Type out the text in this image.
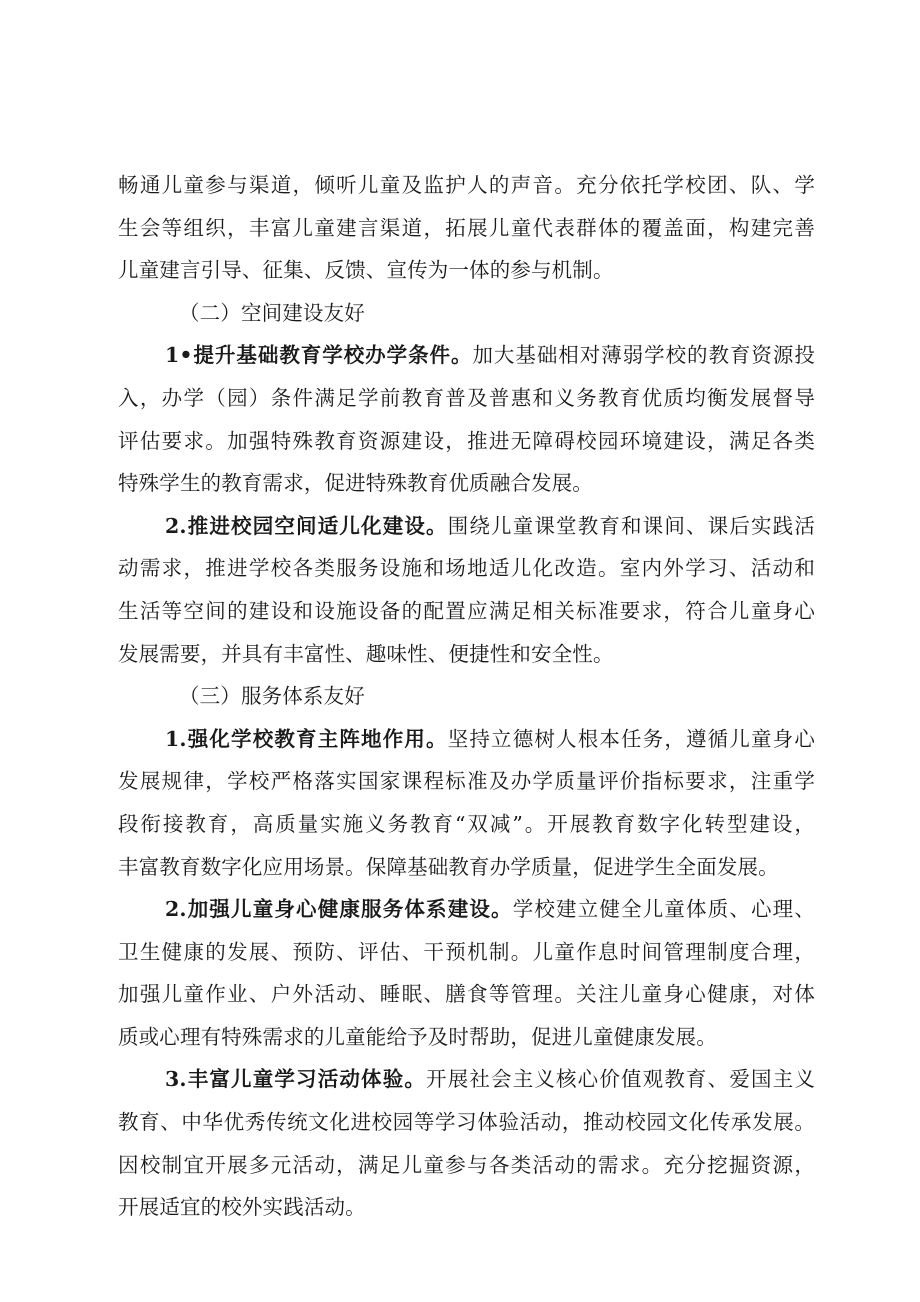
畅通儿童参与渠道，倾听儿童及监护人的声音。充分依托学校团、队、学
生会等组织，丰富儿童建言渠道，拓展儿童代表群体的覆盖面，构建完善
儿童建言引导、征集、反馈、宣传为一体的参与机制。
（二）空间建设友好
1•提升基础教育学校办学条件。加大基础相对薄弱学校的教育资源投
入，办学（园）条件满足学前教育普及普惠和义务教育优质均衡发展督导
评估要求。加强特殊教育资源建设，推进无障碍校园环境建设，满足各类
特殊学生的教育需求，促进特殊教育优质融合发展。
2.推进校园空间适儿化建设。围绕儿童课堂教育和课间、课后实践活
动需求，推进学校各类服务设施和场地适儿化改造。室内外学习、活动和
生活等空间的建设和设施设备的配置应满足相关标准要求，符合儿童身心
发展需要，并具有丰富性、趣味性、便捷性和安全性。
（三）服务体系友好
1.强化学校教育主阵地作用。坚持立德树人根本任务，遵循儿童身心
发展规律，学校严格落实国家课程标准及办学质量评价指标要求，注重学
段衔接教育，高质量实施义务教育“双减”。开展教育数字化转型建设，
丰富教育数字化应用场景。保障基础教育办学质量，促进学生全面发展。
2.加强儿童身心健康服务体系建设。学校建立健全儿童体质、心理、
卫生健康的发展、预防、评估、干预机制。儿童作息时间管理制度合理，
加强儿童作业、户外活动、睡眠、膳食等管理。关注儿童身心健康，对体
质或心理有特殊需求的儿童能给予及时帮助，促进儿童健康发展。
3.丰富儿童学习活动体验。开展社会主义核心价值观教育、爱国主义
教育、中华优秀传统文化进校园等学习体验活动，推动校园文化传承发展。
因校制宜开展多元活动，满足儿童参与各类活动的需求。充分挖掘资源，
开展适宜的校外实践活动。
